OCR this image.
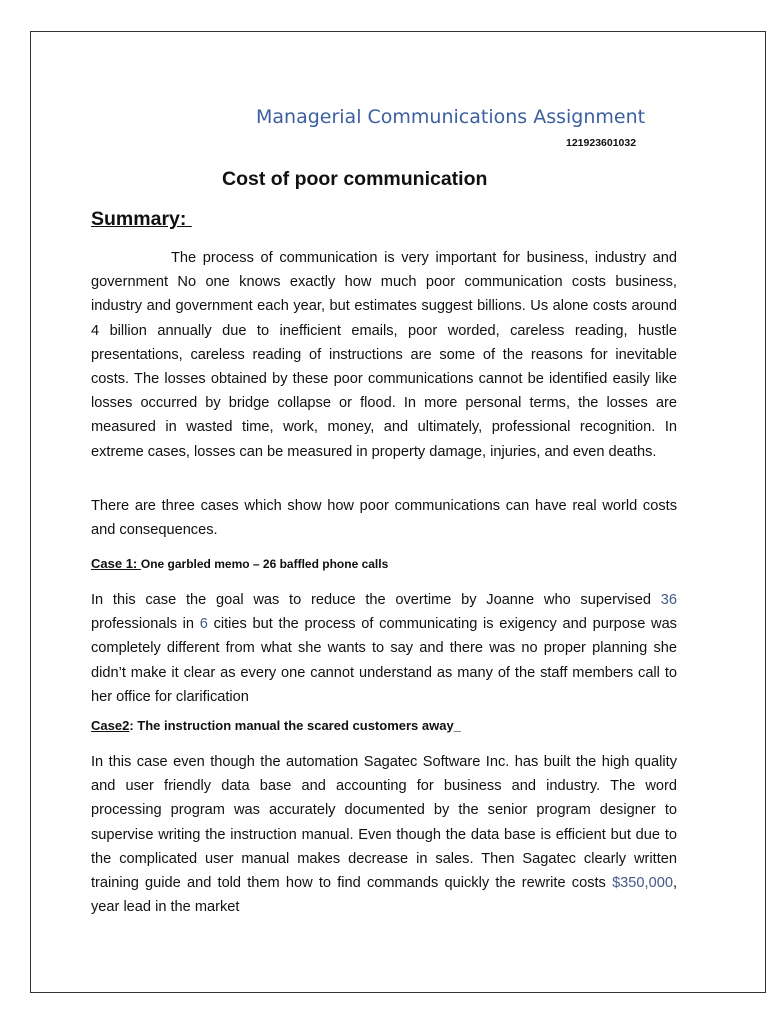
Managerial Communications Assignment
121923601032
Cost of poor communication
Summary:

The process of communication is very important for business, industry and government No one knows exactly how much poor communication costs business, industry and government each year, but estimates suggest billions. Us alone costs around 4 billion annually due to inefficient emails, poor worded, careless reading, hustle presentations, careless reading of instructions are some of the reasons for inevitable costs. The losses obtained by these poor communications cannot be identified easily like losses occurred by bridge collapse or flood. In more personal terms, the losses are measured in wasted time, work, money, and ultimately, professional recognition. In extreme cases, losses can be measured in property damage, injuries, and even deaths.

There are three cases which show how poor communications can have real world costs and consequences.

Case 1: One garbled memo – 26 baffled phone calls

In this case the goal was to reduce the overtime by Joanne who supervised 36 professionals in 6 cities but the process of communicating is exigency and purpose was completely different from what she wants to say and there was no proper planning she didn’t make it clear as every one cannot understand as many of the staff members call to her office for clarification

Case2: The instruction manual the scared customers away_

In this case even though the automation Sagatec Software Inc. has built the high quality and user friendly data base and accounting for business and industry. The word processing program was accurately documented by the senior program designer to supervise writing the instruction manual. Even though the data base is efficient but due to the complicated user manual makes decrease in sales. Then Sagatec clearly written training guide and told them how to find commands quickly the rewrite costs $350,000, year lead in the market
